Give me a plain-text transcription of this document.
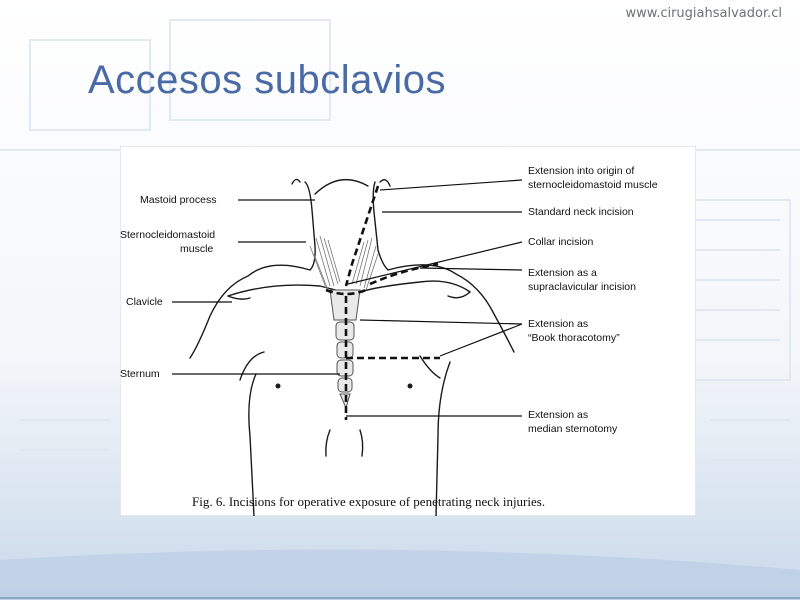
www.cirugiahsalvador.cl
Accesos subclavios
Mastoid process
Sternocleidomastoid
muscle
Clavicle
Sternum
Extension into origin of
sternocleidomastoid muscle
Standard neck incision
Collar incision
Extension as a
supraclavicular incision
Extension as
“Book thoracotomy”
Extension as
median sternotomy
Fig. 6. Incisions for operative exposure of penetrating neck injuries.
